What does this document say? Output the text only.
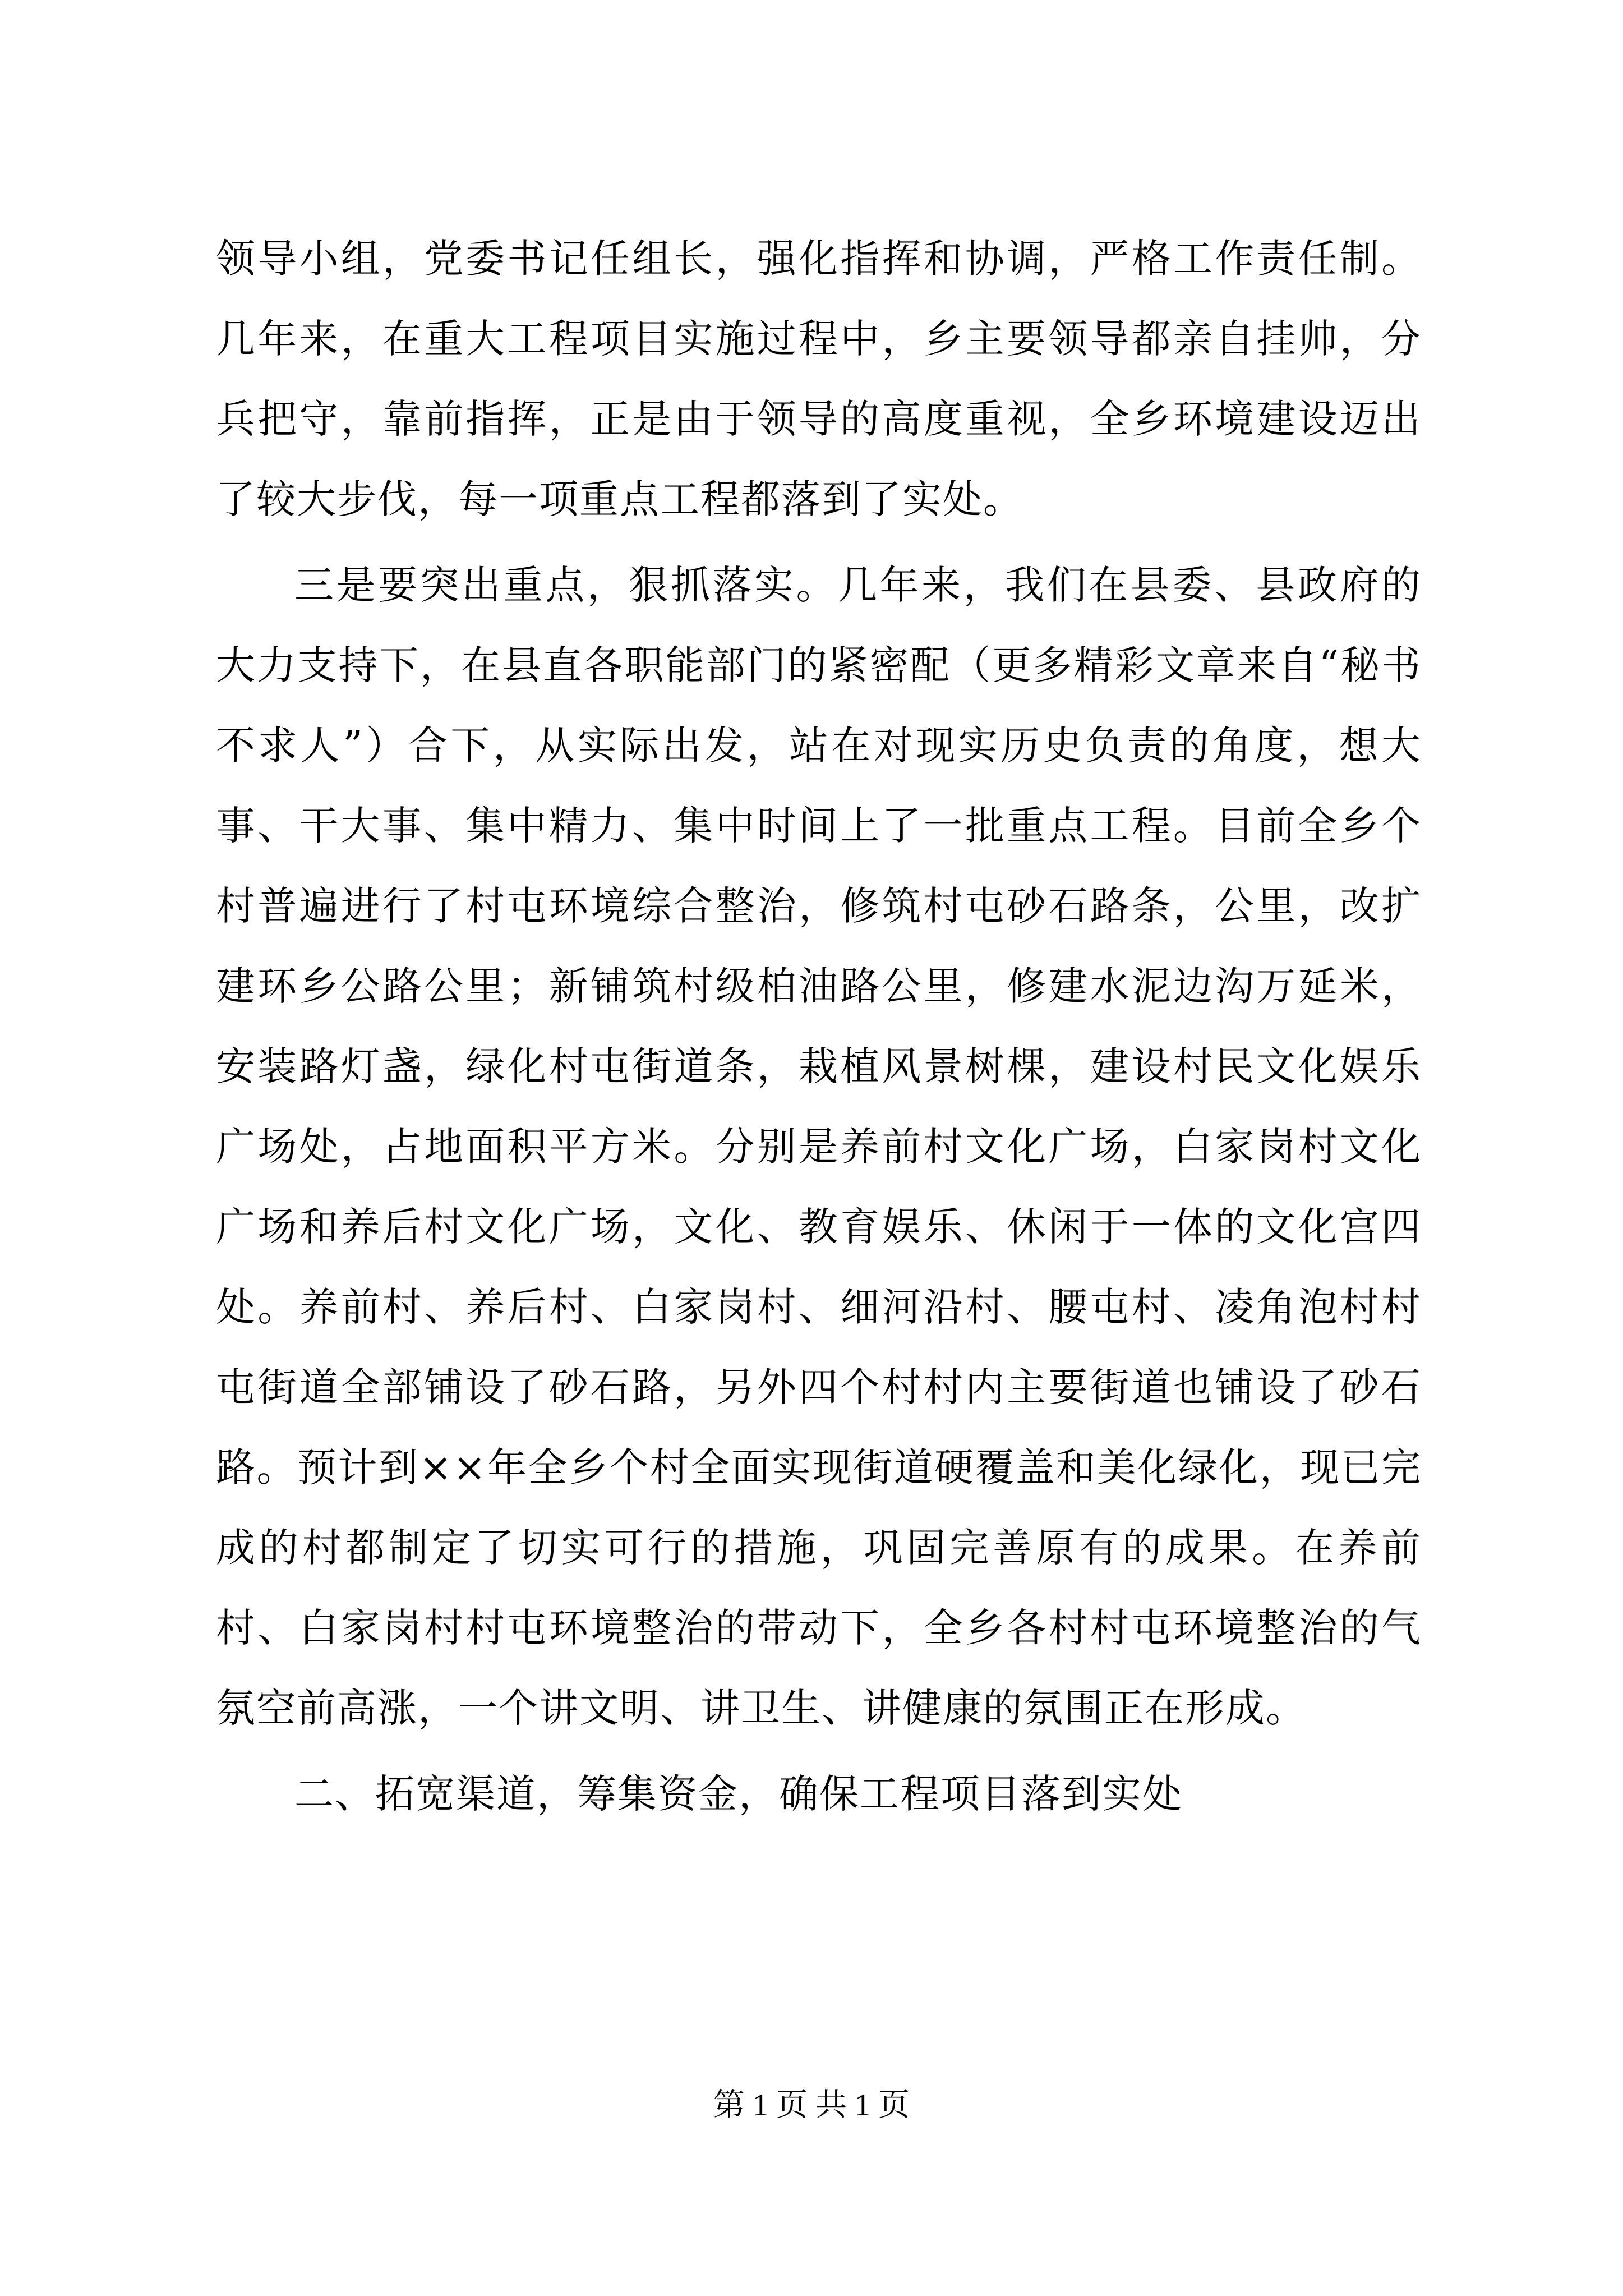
领导小组，党委书记任组长，强化指挥和协调，严格工作责任制。几年来，在重大工程项目实施过程中，乡主要领导都亲自挂帅，分兵把守，靠前指挥，正是由于领导的高度重视，全乡环境建设迈出了较大步伐，每一项重点工程都落到了实处。

三是要突出重点，狠抓落实。几年来，我们在县委、县政府的大力支持下，在县直各职能部门的紧密配（更多精彩文章来自“秘书不求人”）合下，从实际出发，站在对现实历史负责的角度，想大事、干大事、集中精力、集中时间上了一批重点工程。目前全乡个村普遍进行了村屯环境综合整治，修筑村屯砂石路条，公里，改扩建环乡公路公里；新铺筑村级柏油路公里，修建水泥边沟万延米，安装路灯盏，绿化村屯街道条，栽植风景树棵，建设村民文化娱乐广场处，占地面积平方米。分别是养前村文化广场，白家岗村文化广场和养后村文化广场，文化、教育娱乐、休闲于一体的文化宫四处。养前村、养后村、白家岗村、细河沿村、腰屯村、凌角泡村村屯街道全部铺设了砂石路，另外四个村村内主要街道也铺设了砂石路。预计到××年全乡个村全面实现街道硬覆盖和美化绿化，现已完成的村都制定了切实可行的措施，巩固完善原有的成果。在养前村、白家岗村村屯环境整治的带动下，全乡各村村屯环境整治的气氛空前高涨，一个讲文明、讲卫生、讲健康的氛围正在形成。

二、拓宽渠道，筹集资金，确保工程项目落到实处

第 1 页 共 1 页
